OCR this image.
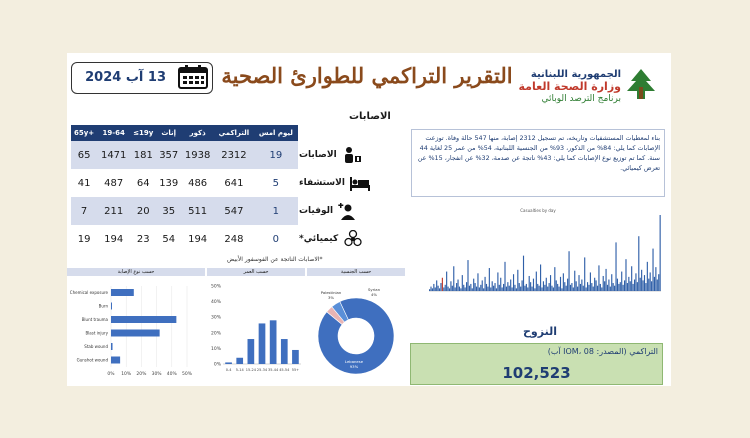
13 آب 2024	التقرير التراكمي للطوارئ الصحية	الجمهورية اللبنانية
وزارة الصحة العامة
برنامج الترصد الوبائي
الاصابات
65y+	19-64	≤19y	إناث	ذكور	التراكمي	ليوم امس
65	1471	181	357	1938	2312	19
41	487	64	139	486	641	5
7	211	20	35	511	547	1
19	194	23	54	194	248	0
الاصابات
الاستشفاء
الوفيات
كيميائي*
*الاصابات الناتجة عن الفوسفور الأبيض
بناء لمعطيات المستشفيات وتاريخه، تم تسجيل 2312 إصابة، منها 547 حالة وفاة. توزعت الإصابات كما يلي: 84% من الذكور، 93% من الجنسية اللبنانية، 54% من عمر 25 لغاية 44 سنة. كما تم توزيع نوع الإصابات كما يلي: 43% ناتجة عن صدمة، 32% عن انفجار، 15% عن تعرض كيميائي.
Casualties by day
حسب نوع الإصابة
0% 10% 20% 30% 40% 50%
Chemical exposure
Burn
Blunt trauma
Blast injury
Stab wound
Gunshot wound
حسب العمر
0%
10%
20%
30%
40%
50%
0-4 5-14 15-24 25-34 35-44 45-54 55+
حسب الجنسية
Lebanese
93%
Palestinian
3%
Syrian
4%
النزوح
التراكمي (المصدر: IOM، 08 آب)
102,523
